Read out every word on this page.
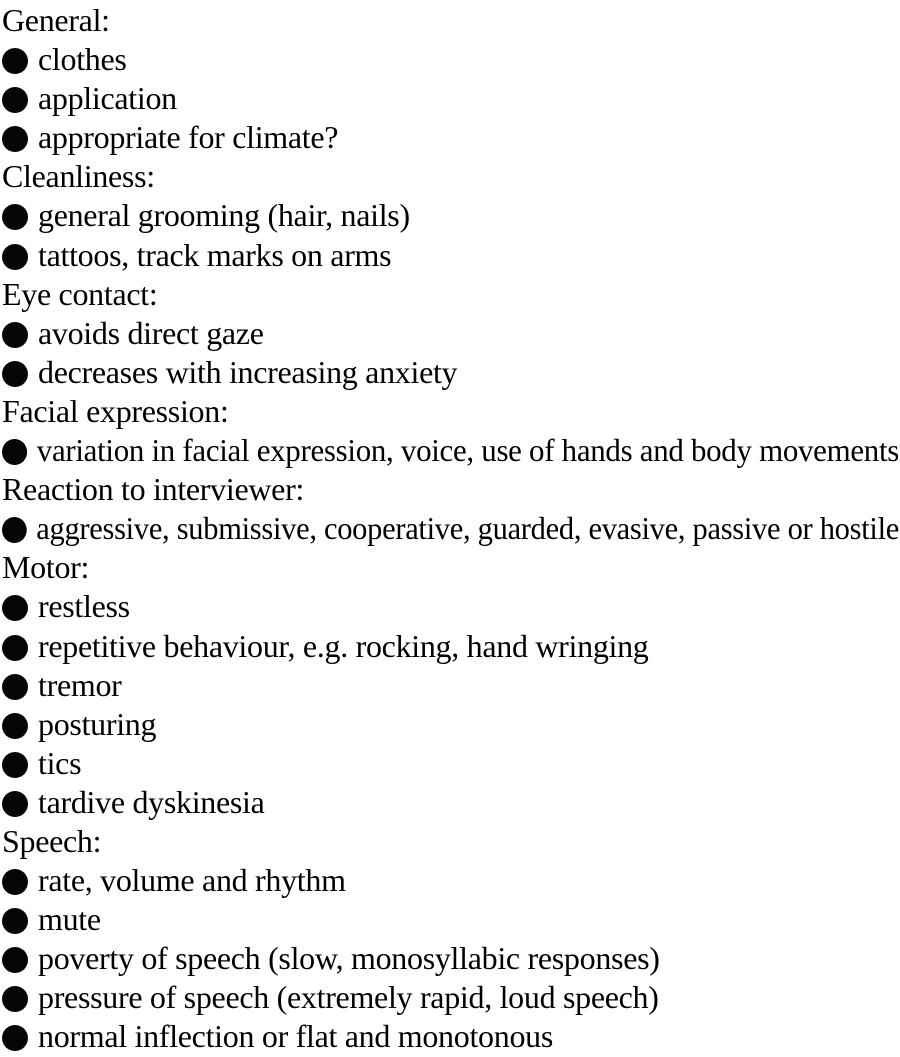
General:
clothes
application
appropriate for climate?
Cleanliness:
general grooming (hair, nails)
tattoos, track marks on arms
Eye contact:
avoids direct gaze
decreases with increasing anxiety
Facial expression:
variation in facial expression, voice, use of hands and body movements
Reaction to interviewer:
aggressive, submissive, cooperative, guarded, evasive, passive or hostile
Motor:
restless
repetitive behaviour, e.g. rocking, hand wringing
tremor
posturing
tics
tardive dyskinesia
Speech:
rate, volume and rhythm
mute
poverty of speech (slow, monosyllabic responses)
pressure of speech (extremely rapid, loud speech)
normal inflection or flat and monotonous
